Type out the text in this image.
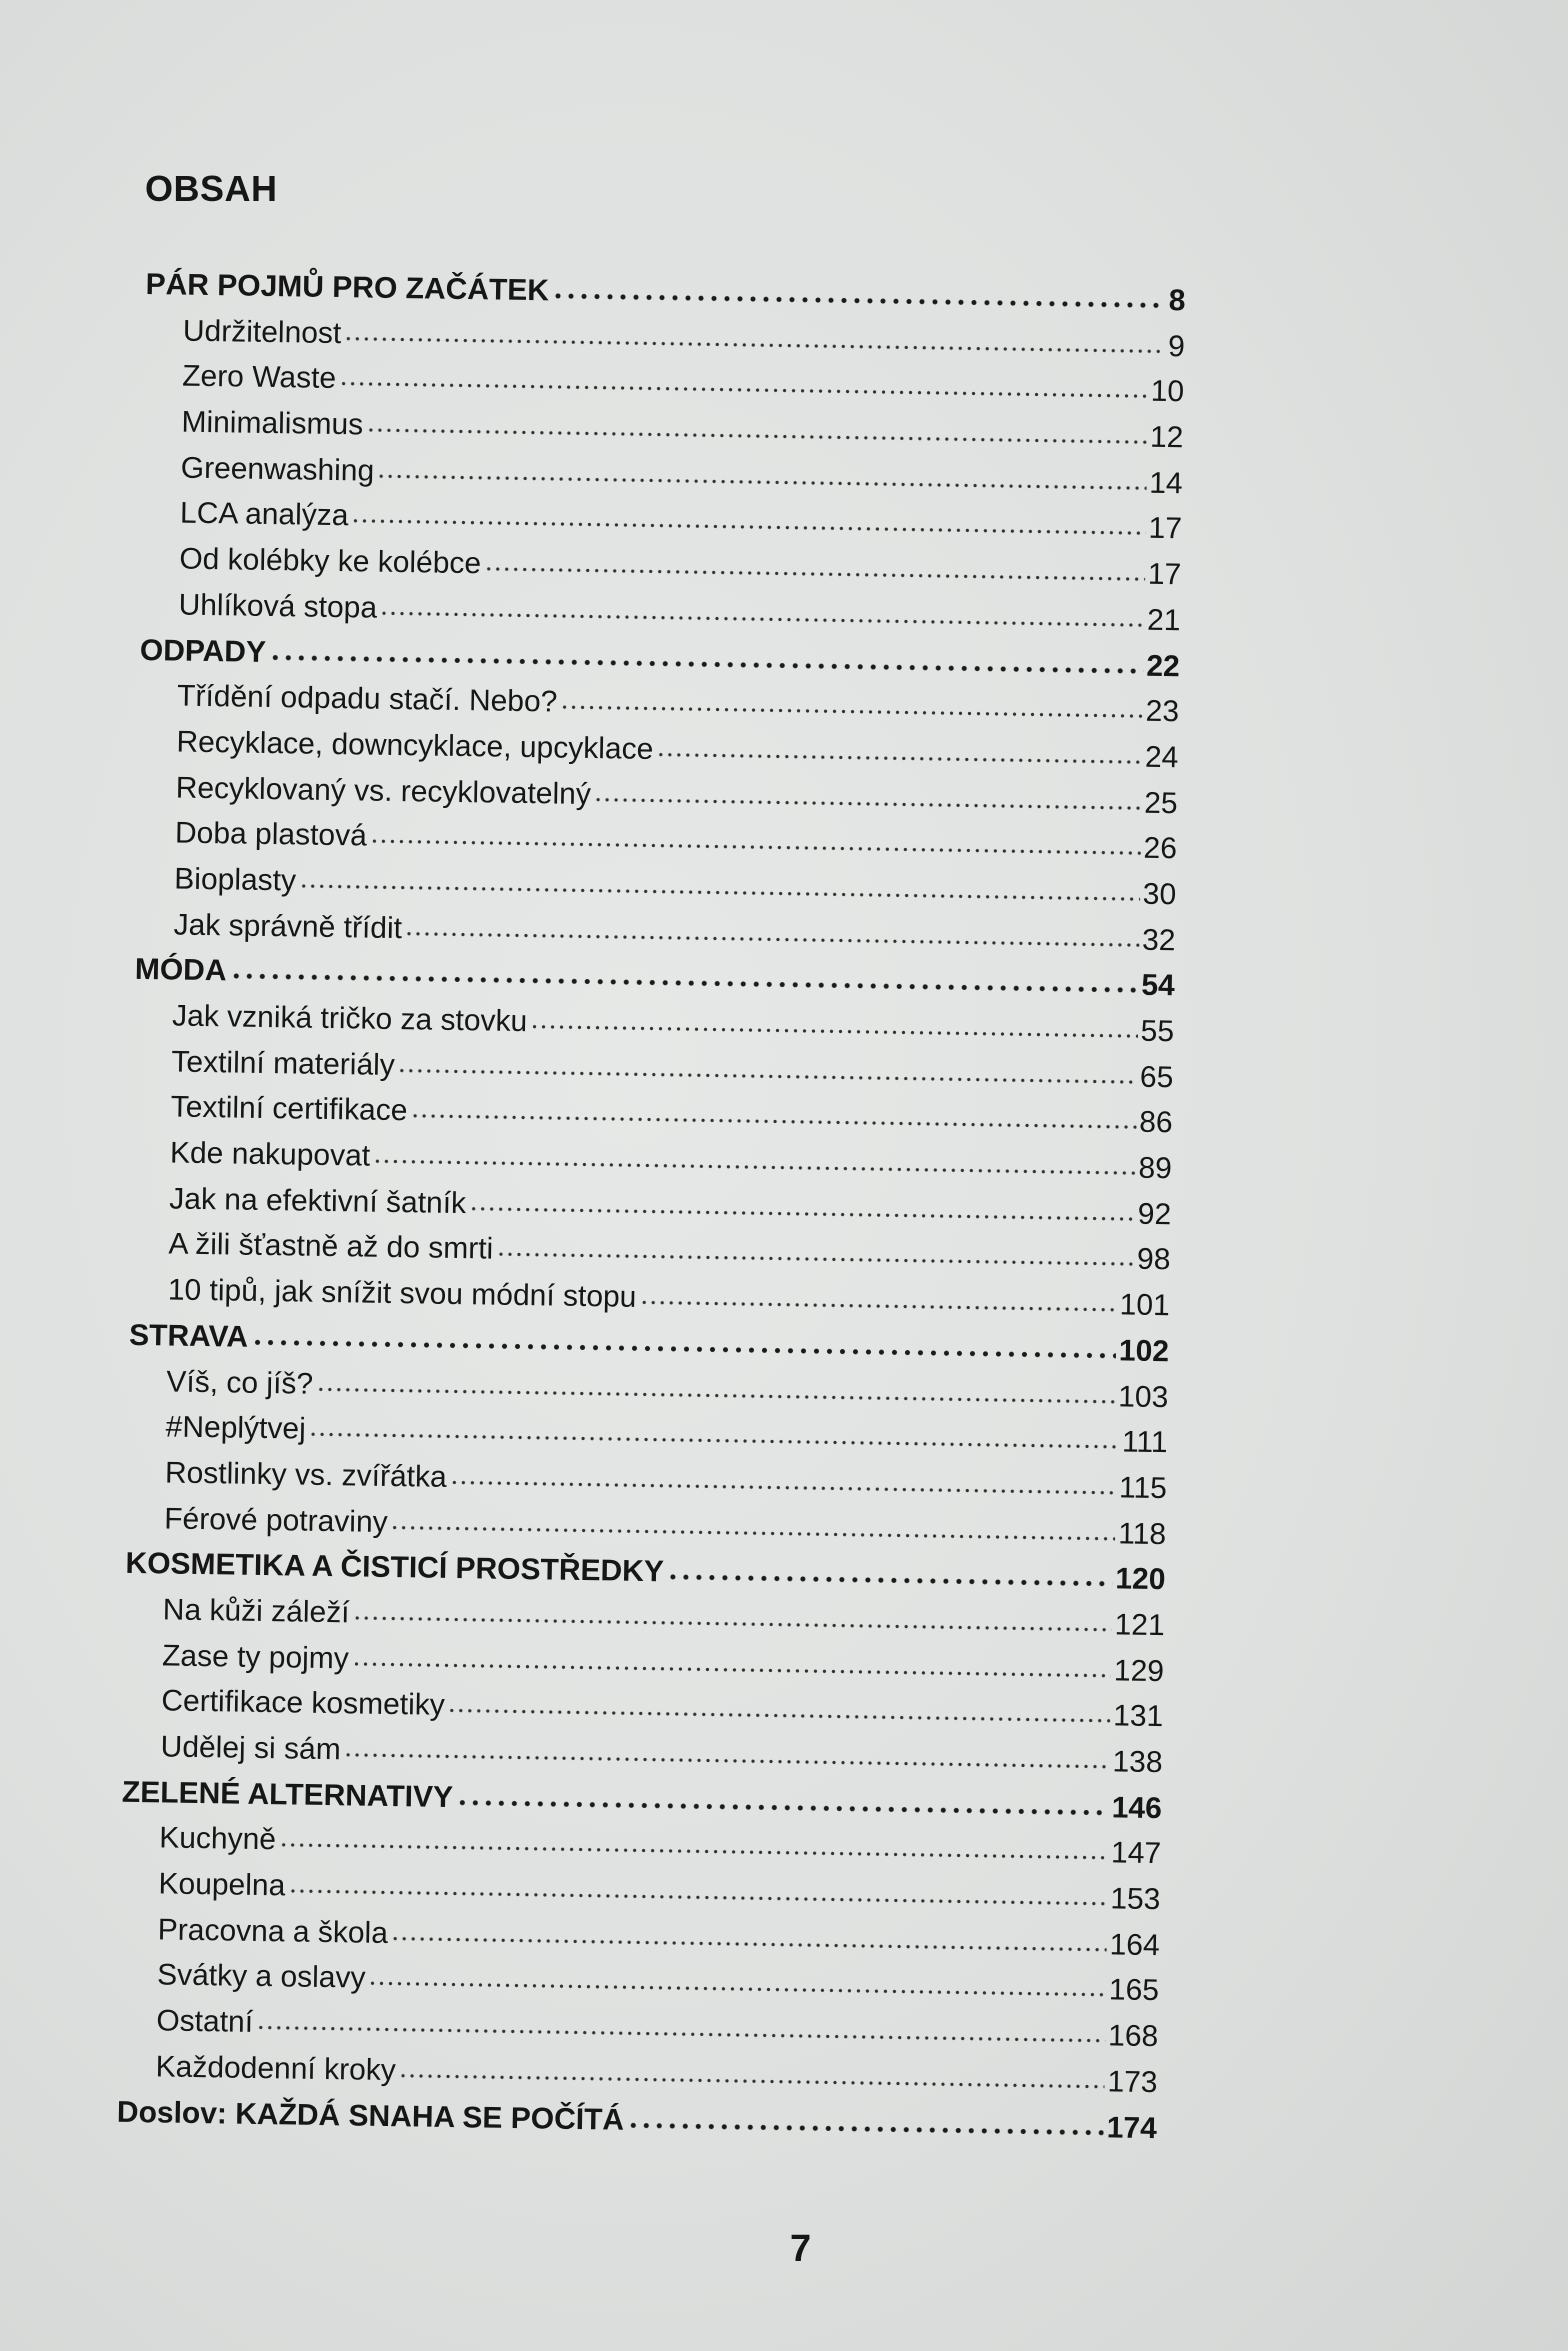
OBSAH
PÁR POJMŮ PRO ZAČÁTEK	8
Udržitelnost	9
Zero Waste	10
Minimalismus	12
Greenwashing	14
LCA analýza	17
Od kolébky ke kolébce	17
Uhlíková stopa	21
ODPADY	22
Třídění odpadu stačí. Nebo?	23
Recyklace, downcyklace, upcyklace	24
Recyklovaný vs. recyklovatelný	25
Doba plastová	26
Bioplasty	30
Jak správně třídit	32
MÓDA	54
Jak vzniká tričko za stovku	55
Textilní materiály	65
Textilní certifikace	86
Kde nakupovat	89
Jak na efektivní šatník	92
A žili šťastně až do smrti	98
10 tipů, jak snížit svou módní stopu	101
STRAVA	102
Víš, co jíš?	103
#Neplýtvej	111
Rostlinky vs. zvířátka	115
Férové potraviny	118
KOSMETIKA A ČISTICÍ PROSTŘEDKY	120
Na kůži záleží	121
Zase ty pojmy	129
Certifikace kosmetiky	131
Udělej si sám	138
ZELENÉ ALTERNATIVY	146
Kuchyně	147
Koupelna	153
Pracovna a škola	164
Svátky a oslavy	165
Ostatní	168
Každodenní kroky	173
Doslov: KAŽDÁ SNAHA SE POČÍTÁ	174
7
